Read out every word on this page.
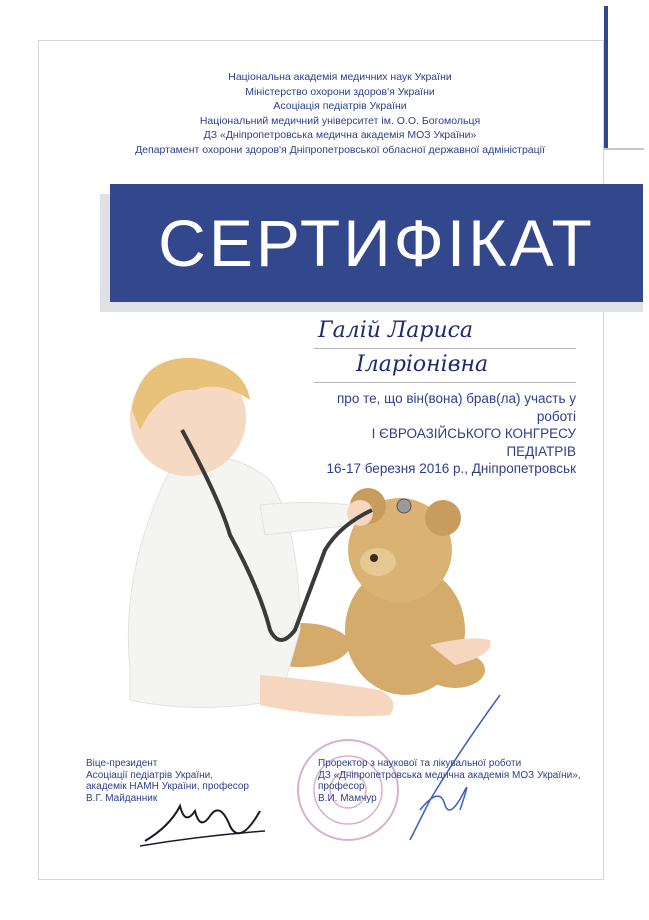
Національна академія медичних наук України
Міністерство охорони здоров'я України
Асоціація педіатрів України
Національний медичний університет ім. О.О. Богомольця
ДЗ «Дніпропетровська медична академія МОЗ України»
Департамент охорони здоров'я Дніпропетровської обласної державної адміністрації
СЕРТИФІКАТ
Галій Лариса
Іларіонівна
про те, що він(вона) брав(ла) участь у роботі
І ЄВРОАЗІЙСЬКОГО КОНГРЕСУ ПЕДІАТРІВ
16-17 березня 2016 р., Дніпропетровськ
Віце-президент
Асоціації педіатрів України,
академік НАМН України, професор
В.Г. Майданник
Проректор з наукової та лікувальної роботи
ДЗ «Дніпропетровська медична академія МОЗ України»,
професор
В.И. Мамчур
